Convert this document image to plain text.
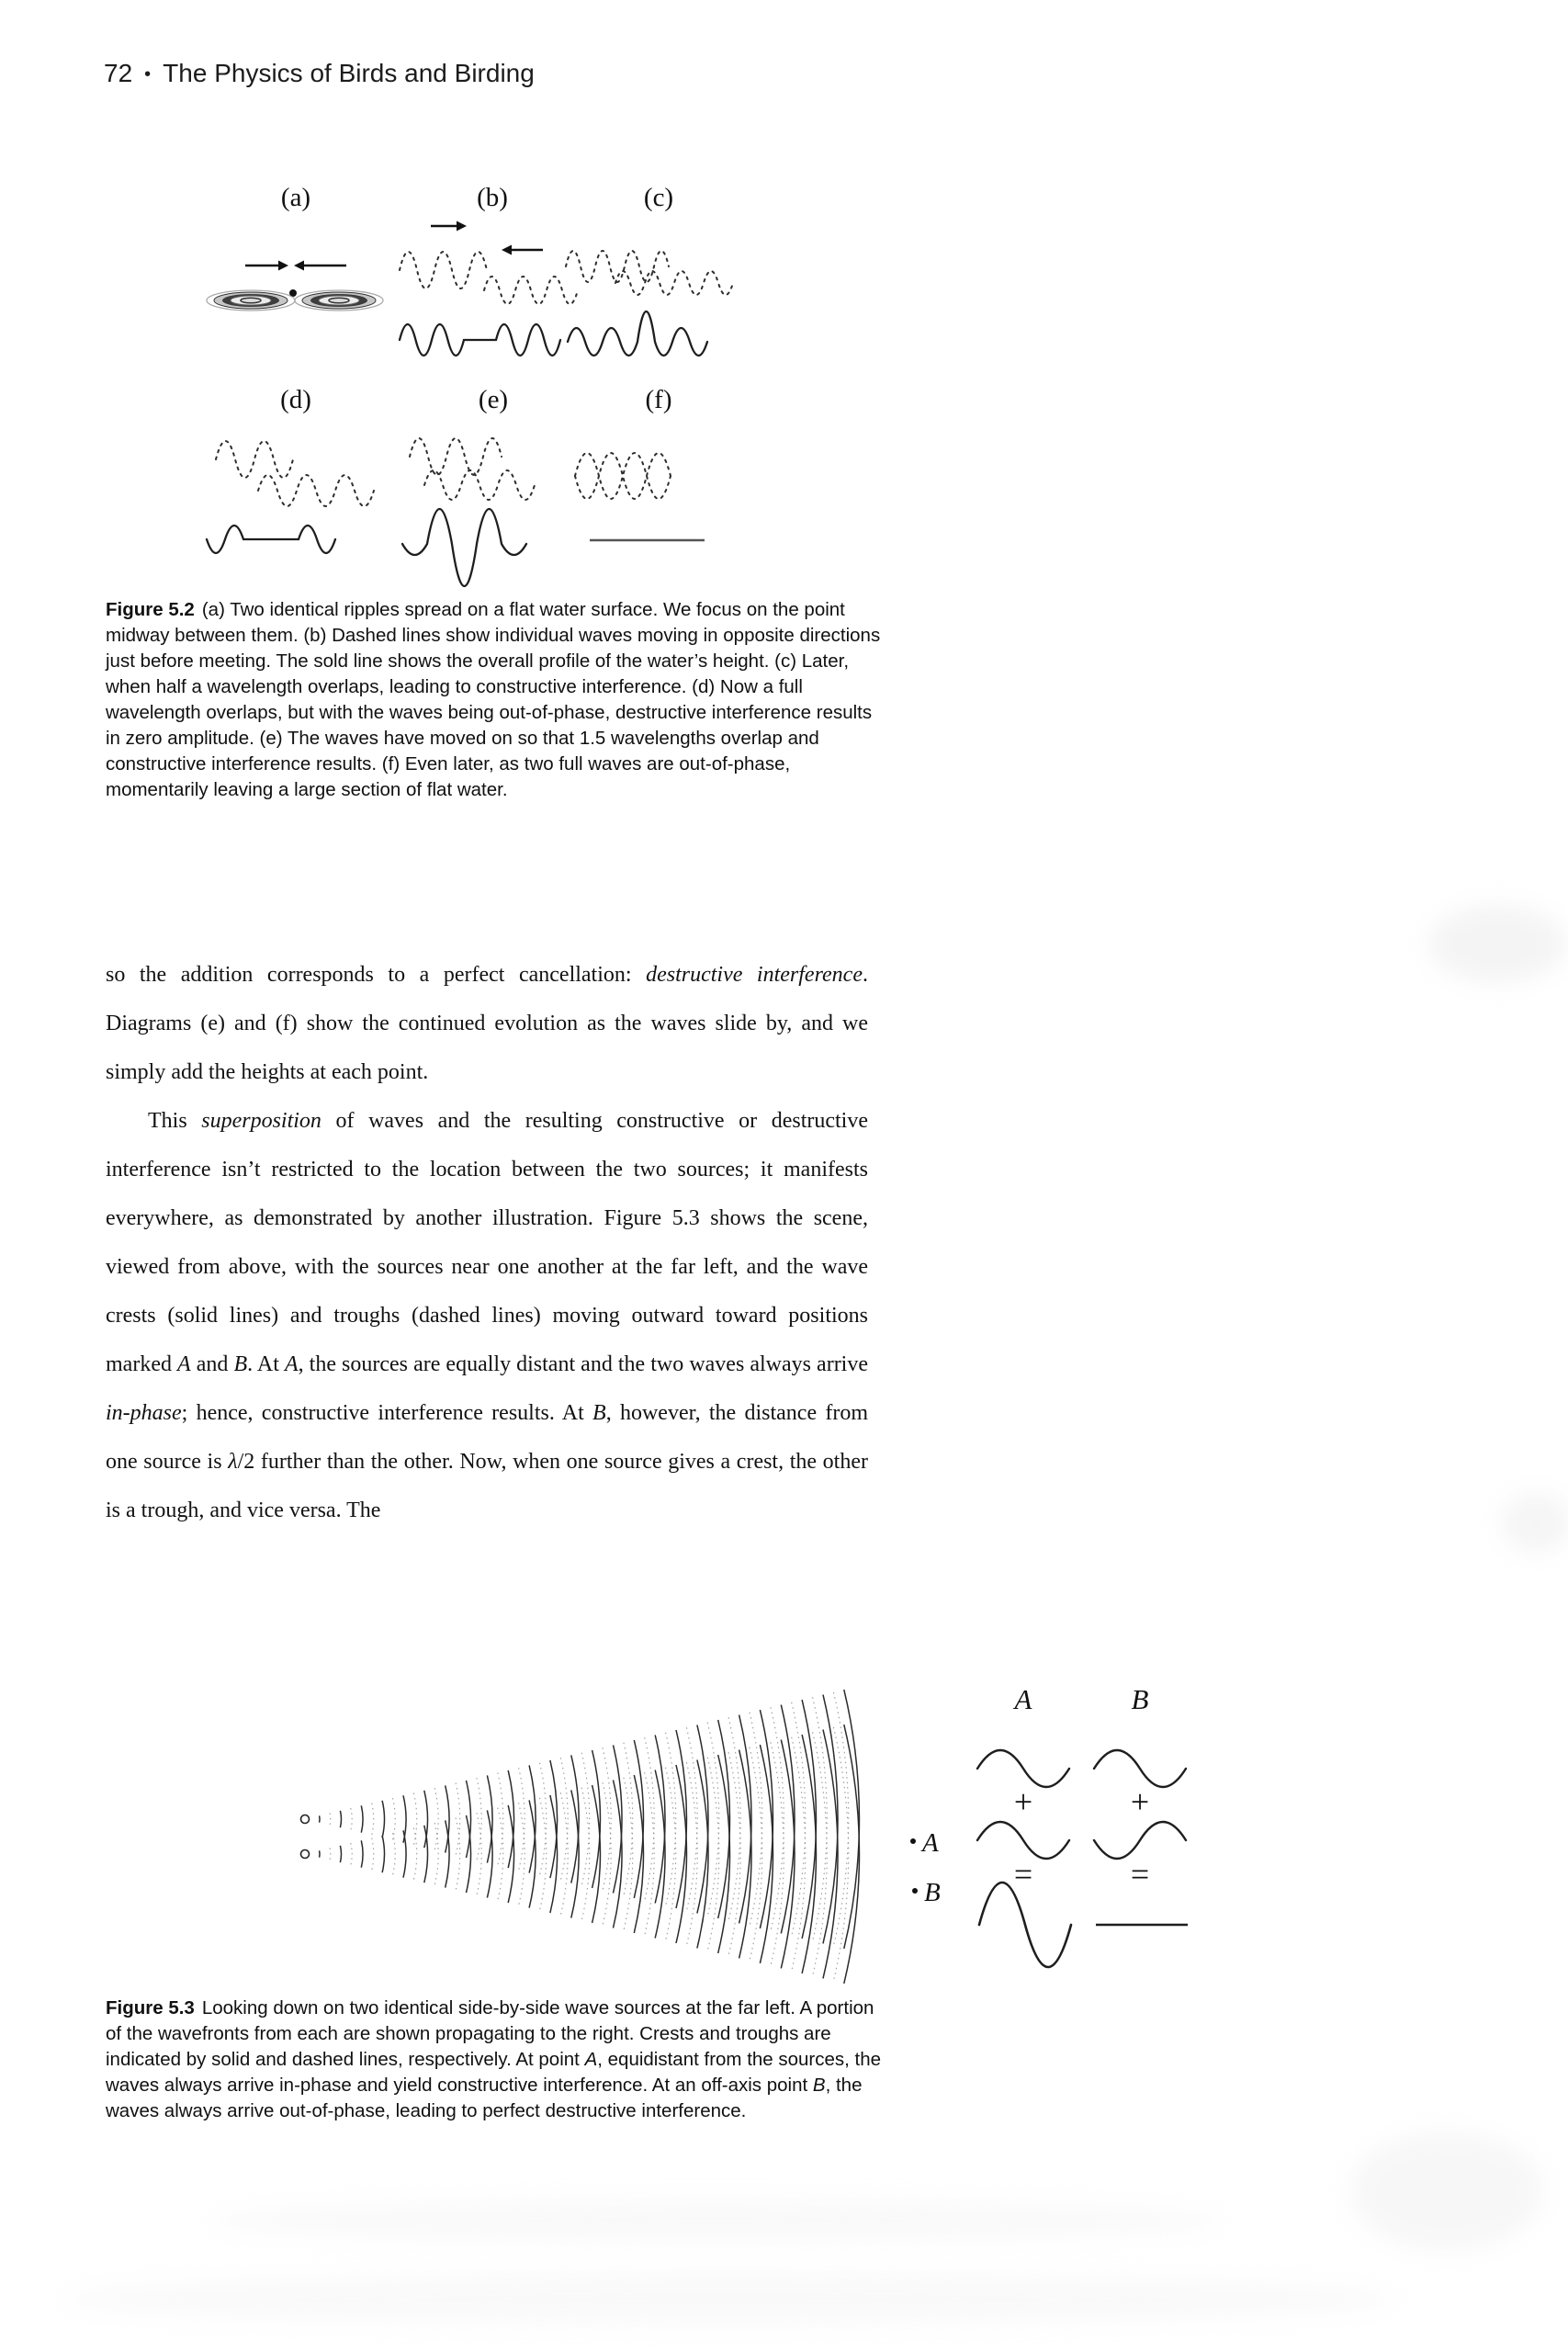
72 • The Physics of Birds and Birding
(a)	(b)	(c)
(d)	(e)	(f)
Figure 5.2 (a) Two identical ripples spread on a flat water surface. We focus on the point midway between them. (b) Dashed lines show individual waves moving in opposite directions just before meeting. The sold line shows the overall profile of the water’s height. (c) Later, when half a wavelength overlaps, leading to constructive interference. (d) Now a full wavelength overlaps, but with the waves being out-of-phase, destructive interference results in zero amplitude. (e) The waves have moved on so that 1.5 wavelengths overlap and constructive interference results. (f) Even later, as two full waves are out-of-phase, momentarily leaving a large section of flat water.

so the addition corresponds to a perfect cancellation: destructive interference. Diagrams (e) and (f) show the continued evolution as the waves slide by, and we simply add the heights at each point.

This superposition of waves and the resulting constructive or destructive interference isn’t restricted to the location between the two sources; it manifests everywhere, as demonstrated by another illustration. Figure 5.3 shows the scene, viewed from above, with the sources near one another at the far left, and the wave crests (solid lines) and troughs (dashed lines) moving outward toward positions marked A and B. At A, the sources are equally distant and the two waves always arrive in-phase; hence, constructive interference results. At B, however, the distance from one source is λ/2 further than the other. Now, when one source gives a crest, the other is a trough, and vice versa. The

A	B
+	+
=	=
A
B
Figure 5.3 Looking down on two identical side-by-side wave sources at the far left. A portion of the wavefronts from each are shown propagating to the right. Crests and troughs are indicated by solid and dashed lines, respectively. At point A, equidistant from the sources, the waves always arrive in-phase and yield constructive interference. At an off-axis point B, the waves always arrive out-of-phase, leading to perfect destructive interference.
